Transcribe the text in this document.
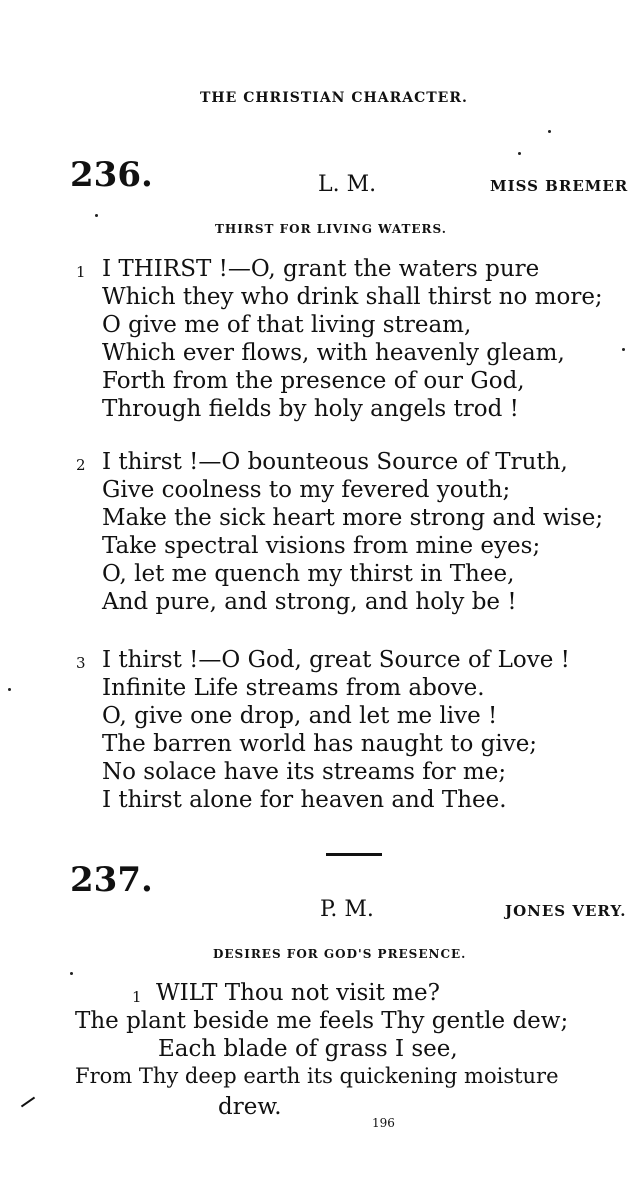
THE CHRISTIAN CHARACTER.
236.	L. M.	MISS BREMER
THIRST FOR LIVING WATERS.
1 I THIRST !—O, grant the waters pure
Which they who drink shall thirst no more;
O give me of that living stream,
Which ever flows, with heavenly gleam,
Forth from the presence of our God,
Through fields by holy angels trod !
2 I thirst !—O bounteous Source of Truth,
Give coolness to my fevered youth;
Make the sick heart more strong and wise;
Take spectral visions from mine eyes;
O, let me quench my thirst in Thee,
And pure, and strong, and holy be !
3 I thirst !—O God, great Source of Love !
Infinite Life streams from above.
O, give one drop, and let me live !
The barren world has naught to give;
No solace have its streams for me;
I thirst alone for heaven and Thee.
237.
P. M.	JONES VERY.
DESIRES FOR GOD'S PRESENCE.
1 WILT Thou not visit me?
The plant beside me feels Thy gentle dew;
Each blade of grass I see,
From Thy deep earth its quickening moisture
drew.
196
